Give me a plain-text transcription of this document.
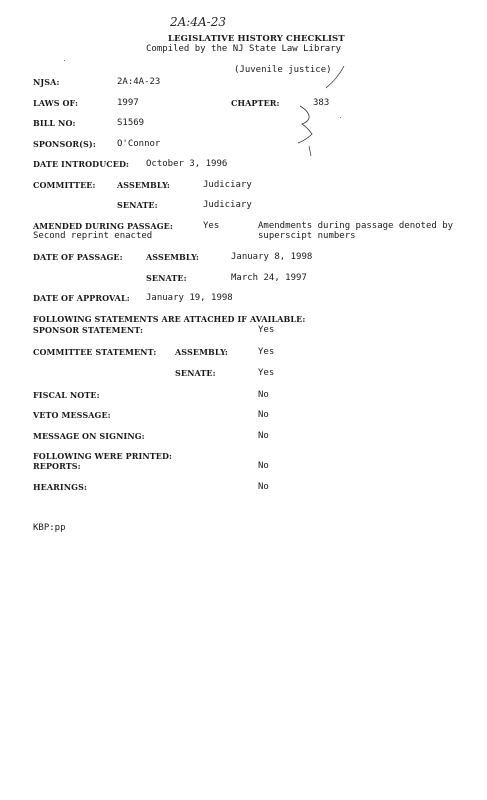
2A:4A-23
LEGISLATIVE HISTORY CHECKLIST
Compiled by the NJ State Law Library
(Juvenile justice)
NJSA:	2A:4A-23
LAWS OF:	1997	CHAPTER:	383
BILL NO:	S1569
SPONSOR(S): O'Connor
DATE INTRODUCED: October 3, 1996
COMMITTEE:	ASSEMBLY:	Judiciary
SENATE:	Judiciary
AMENDED DURING PASSAGE:	Yes	Amendments during passage denoted by
superscipt numbers
Second reprint enacted
DATE OF PASSAGE:	ASSEMBLY:	January 8, 1998
SENATE:	March 24, 1997
DATE OF APPROVAL: January 19, 1998
FOLLOWING STATEMENTS ARE ATTACHED IF AVAILABLE:
SPONSOR STATEMENT:	Yes
COMMITTEE STATEMENT: ASSEMBLY:	Yes
SENATE:	Yes
FISCAL NOTE:	No
VETO MESSAGE:	No
MESSAGE ON SIGNING:	No
FOLLOWING WERE PRINTED:
REPORTS:	No
HEARINGS:	No
KBP:pp
